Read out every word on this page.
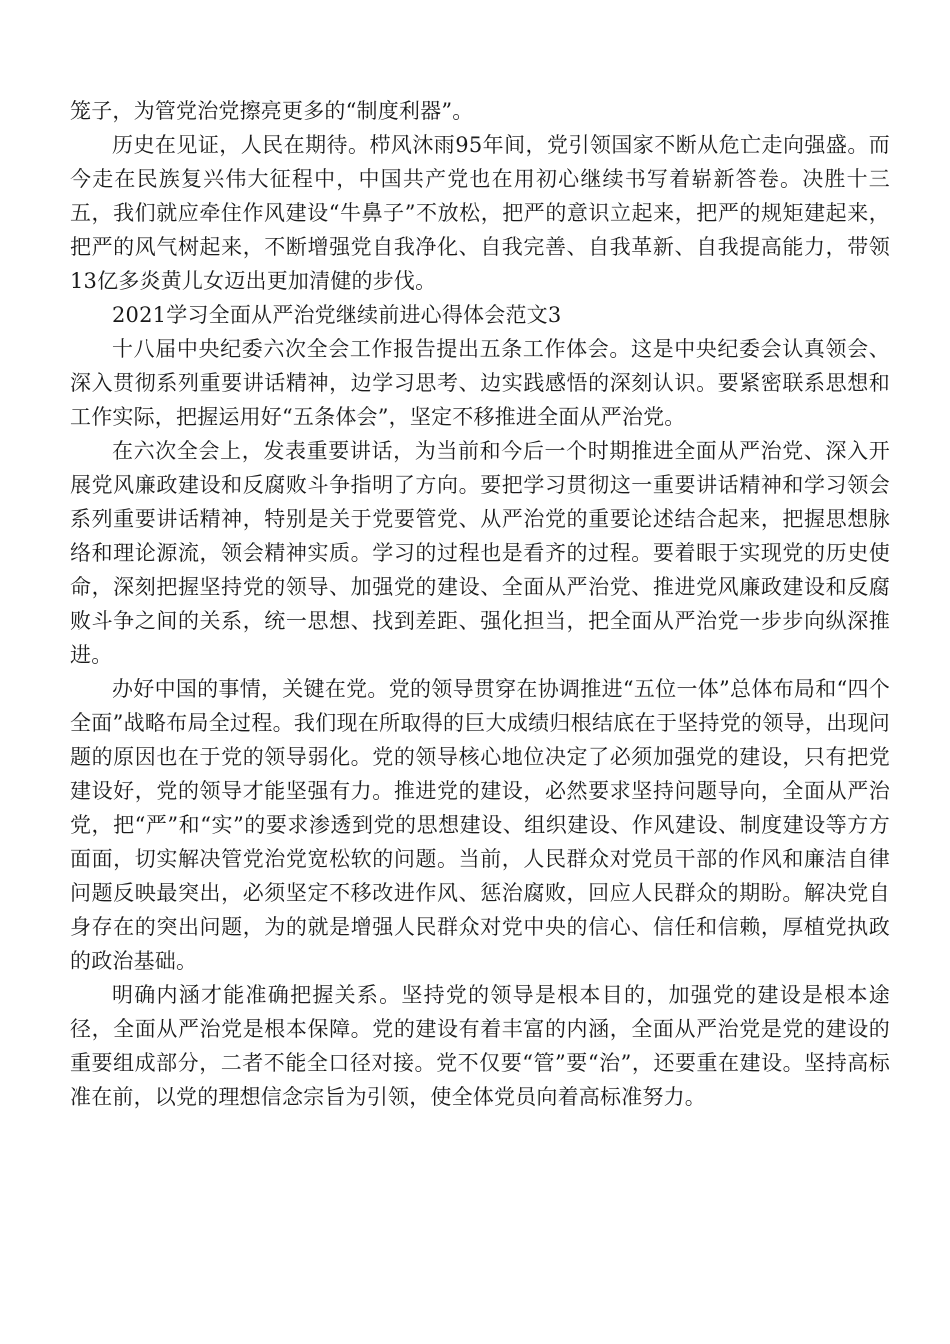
笼子，为管党治党擦亮更多的“制度利器”。

历史在见证，人民在期待。栉风沐雨95年间，党引领国家不断从危亡走向强盛。而今走在民族复兴伟大征程中，中国共产党也在用初心继续书写着崭新答卷。决胜十三五，我们就应牵住作风建设“牛鼻子”不放松，把严的意识立起来，把严的规矩建起来，把严的风气树起来，不断增强党自我净化、自我完善、自我革新、自我提高能力，带领13亿多炎黄儿女迈出更加清健的步伐。

2021学习全面从严治党继续前进心得体会范文3

十八届中央纪委六次全会工作报告提出五条工作体会。这是中央纪委会认真领会、深入贯彻系列重要讲话精神，边学习思考、边实践感悟的深刻认识。要紧密联系思想和工作实际，把握运用好“五条体会”，坚定不移推进全面从严治党。

在六次全会上，发表重要讲话，为当前和今后一个时期推进全面从严治党、深入开展党风廉政建设和反腐败斗争指明了方向。要把学习贯彻这一重要讲话精神和学习领会系列重要讲话精神，特别是关于党要管党、从严治党的重要论述结合起来，把握思想脉络和理论源流，领会精神实质。学习的过程也是看齐的过程。要着眼于实现党的历史使命，深刻把握坚持党的领导、加强党的建设、全面从严治党、推进党风廉政建设和反腐败斗争之间的关系，统一思想、找到差距、强化担当，把全面从严治党一步步向纵深推进。

办好中国的事情，关键在党。党的领导贯穿在协调推进“五位一体”总体布局和“四个全面”战略布局全过程。我们现在所取得的巨大成绩归根结底在于坚持党的领导，出现问题的原因也在于党的领导弱化。党的领导核心地位决定了必须加强党的建设，只有把党建设好，党的领导才能坚强有力。推进党的建设，必然要求坚持问题导向，全面从严治党，把“严”和“实”的要求渗透到党的思想建设、组织建设、作风建设、制度建设等方方面面，切实解决管党治党宽松软的问题。当前，人民群众对党员干部的作风和廉洁自律问题反映最突出，必须坚定不移改进作风、惩治腐败，回应人民群众的期盼。解决党自身存在的突出问题，为的就是增强人民群众对党中央的信心、信任和信赖，厚植党执政的政治基础。

明确内涵才能准确把握关系。坚持党的领导是根本目的，加强党的建设是根本途径，全面从严治党是根本保障。党的建设有着丰富的内涵，全面从严治党是党的建设的重要组成部分，二者不能全口径对接。党不仅要“管”要“治”，还要重在建设。坚持高标准在前，以党的理想信念宗旨为引领，使全体党员向着高标准努力。
